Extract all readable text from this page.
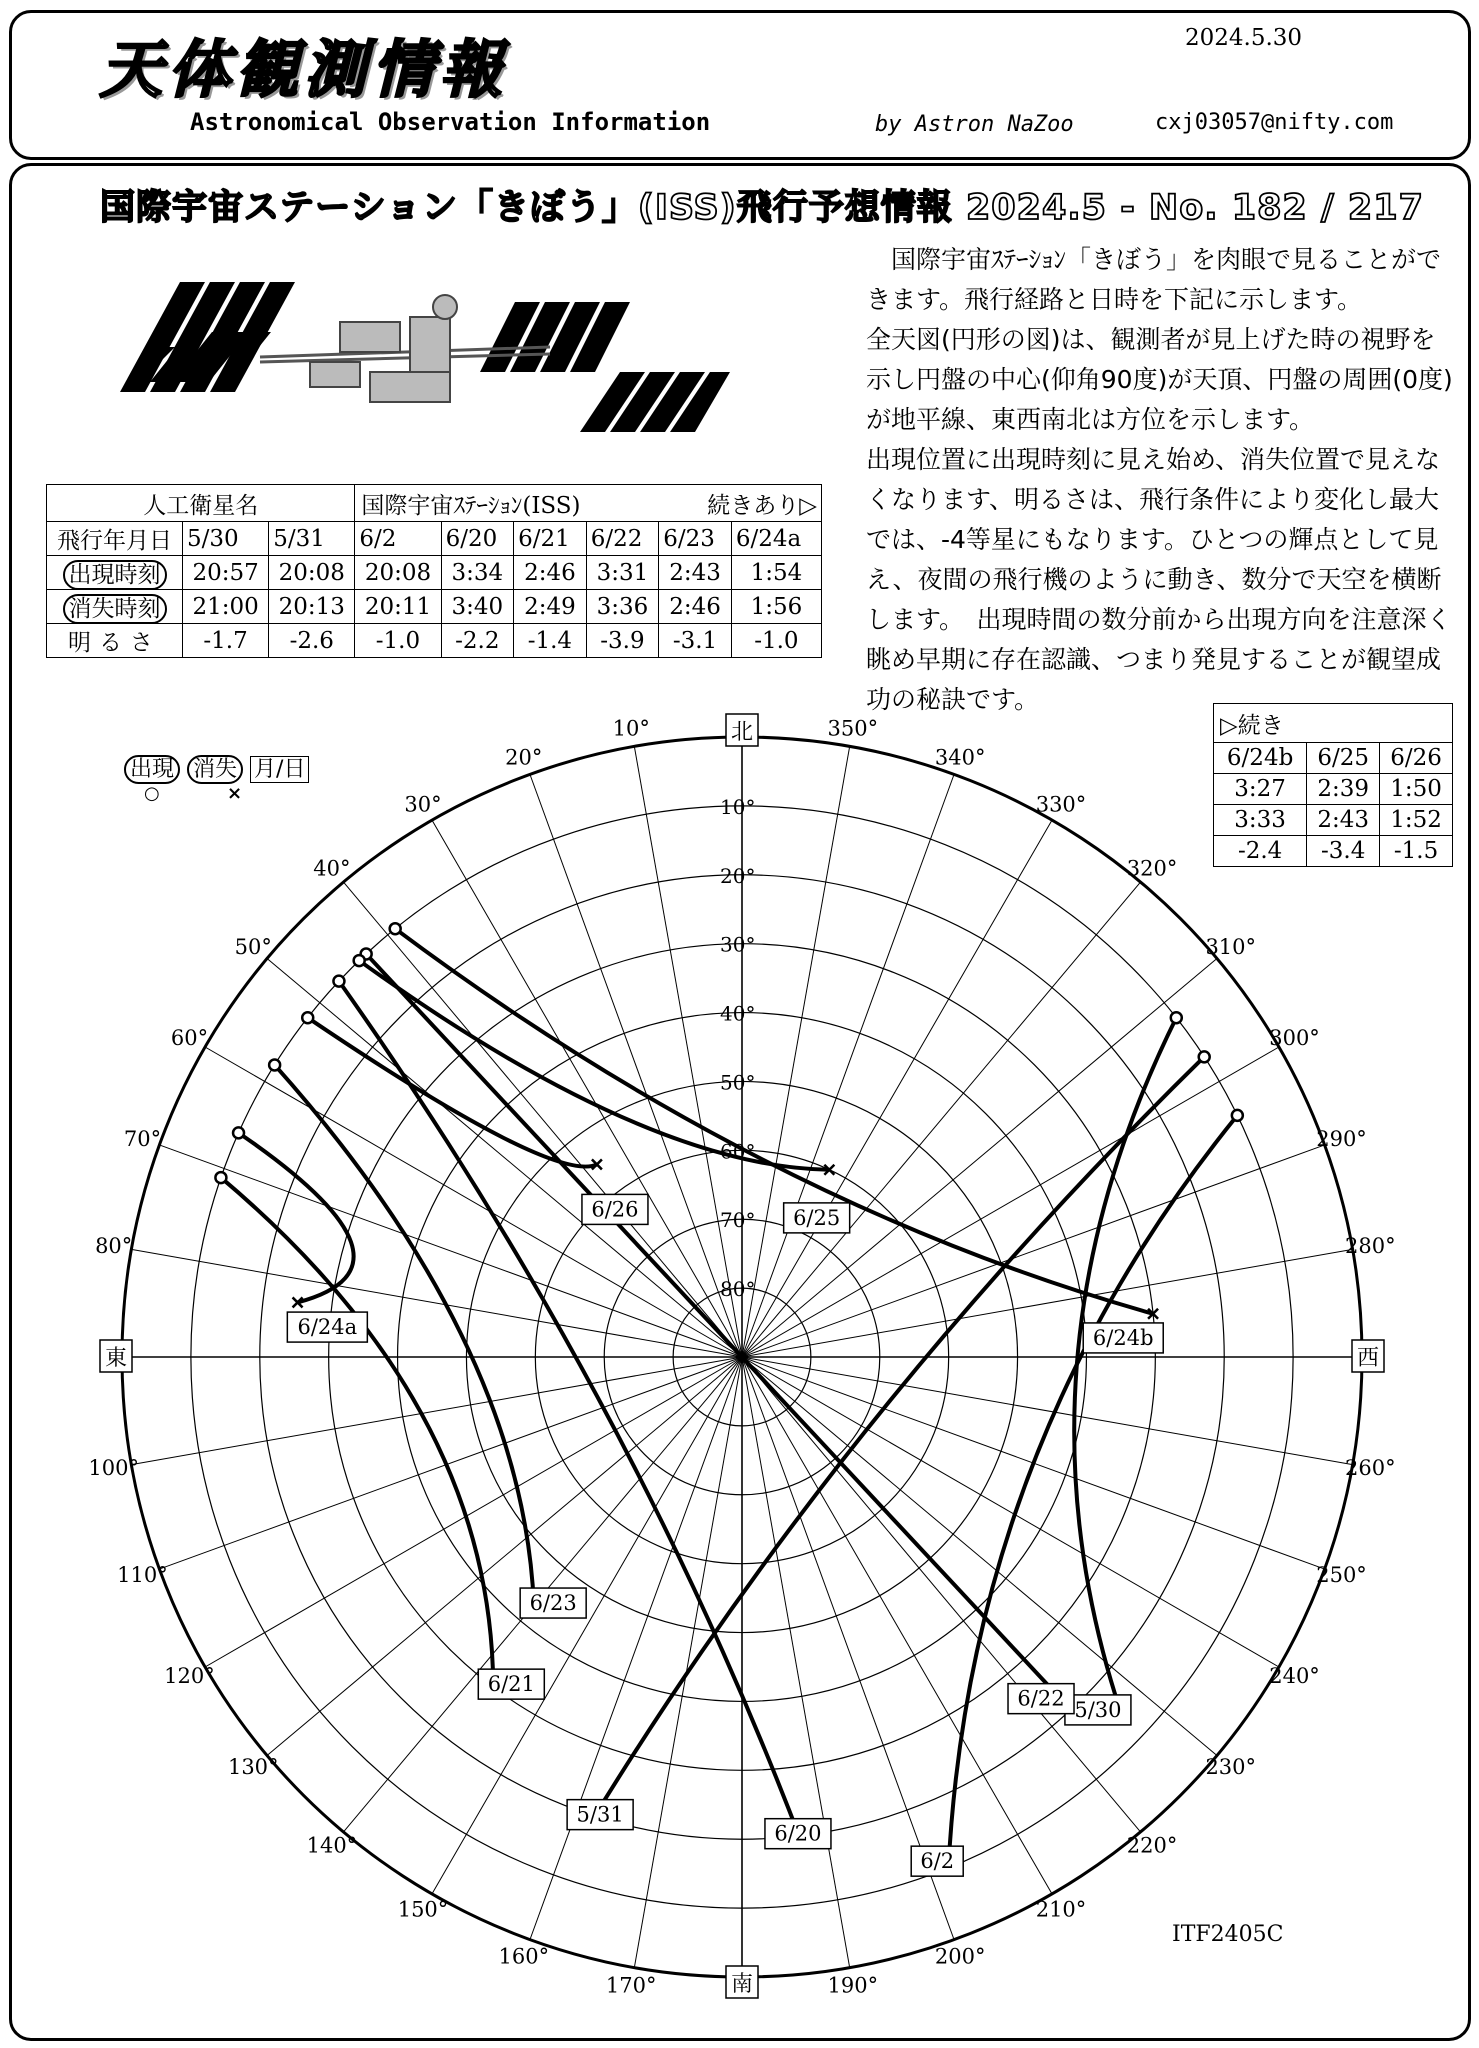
天体観測情報
Astronomical Observation Information	by Astron NaZoo	cxj03057@nifty.com
2024.5.30
国際宇宙ステーション「きぼう」(ISS)飛行予想情報 2024.5 - No. 182 / 217

　国際宇宙ｽﾃｰｼｮﾝ「きぼう」を肉眼で見ることができます。飛行経路と日時を下記に示します。

全天図(円形の図)は、観測者が見上げた時の視野を示し円盤の中心(仰角90度)が天頂、円盤の周囲(0度)が地平線、東西南北は方位を示します。

出現位置に出現時刻に見え始め、消失位置で見えなくなります、明るさは、飛行条件により変化し最大では、-4等星にもなります。ひとつの輝点として見え、夜間の飛行機のように動き、数分で天空を横断します。　出現時間の数分前から出現方向を注意深く眺め早期に存在認識、つまり発見することが観望成功の秘訣です。

人工衛星名			国際宇宙ｽﾃｰｼｮﾝ(ISS)				続きあり▷	
飛行年月日	5/30	5/31	6/2	6/20	6/21	6/22	6/23	6/24a
出現時刻	20:57	20:08	20:08	3:34	2:46	3:31	2:43	1:54
消失時刻	21:00	20:13	20:11	3:40	2:49	3:36	2:46	1:56
明るさ	-1.7	-2.6	-1.0	-2.2	-1.4	-3.9	-3.1	-1.0
▷続き		
6/24b	6/25	6/26
3:27	2:39	1:50
3:33	2:43	1:52
-2.4	-3.4	-1.5
出現 消失 月/日
○	×
10°
20°
30°
40°
50°
60°
70°
80°
10°
20°
30°
40°
50°
60°
70°
80°
100°
110°
120°
130°
140°
150°
160°
170°	190°
200°
210°
220°
230°
240°
250°
260°
280°
290°
300°
310°
320°
330°
340°
350°
北
東
南
西
5/30
5/31
6/2
6/20
6/21
6/22
6/23
6/24a	6/24b
6/25
6/26
ITF2405C
